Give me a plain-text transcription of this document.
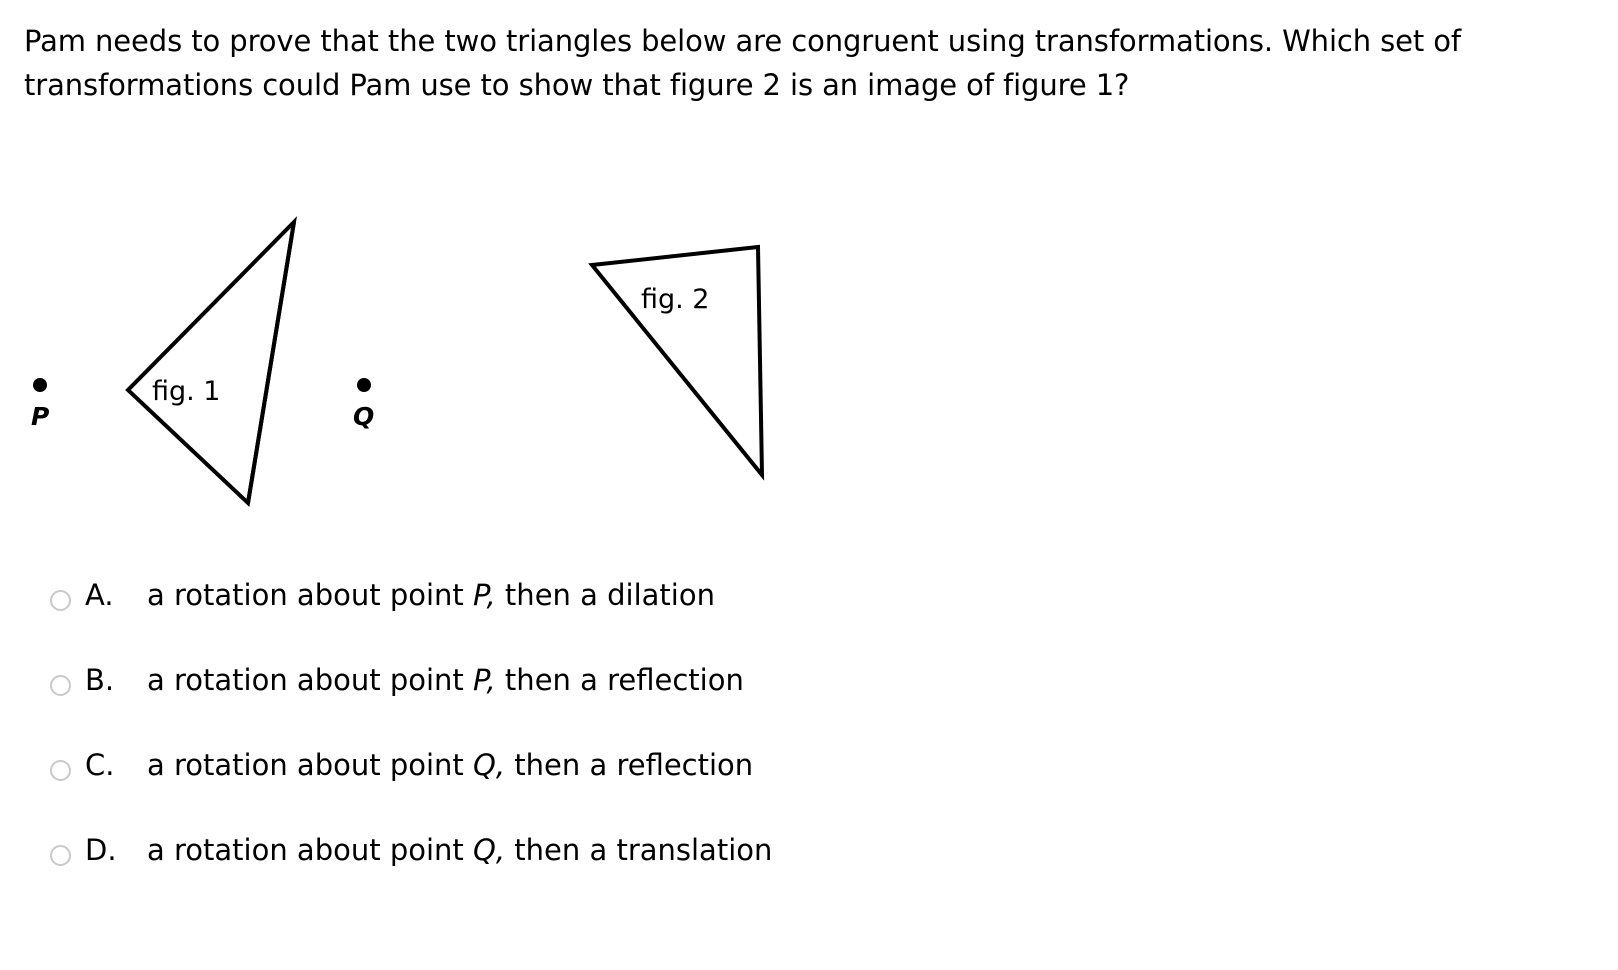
Pam needs to prove that the two triangles below are congruent using transformations. Which set of transformations could Pam use to show that figure 2 is an image of figure 1?
fig. 1
P	Q
fig. 2
A.	a rotation about point P, then a dilation
B.	a rotation about point P, then a reflection
C.	a rotation about point Q, then a reflection
D.	a rotation about point Q, then a translation
